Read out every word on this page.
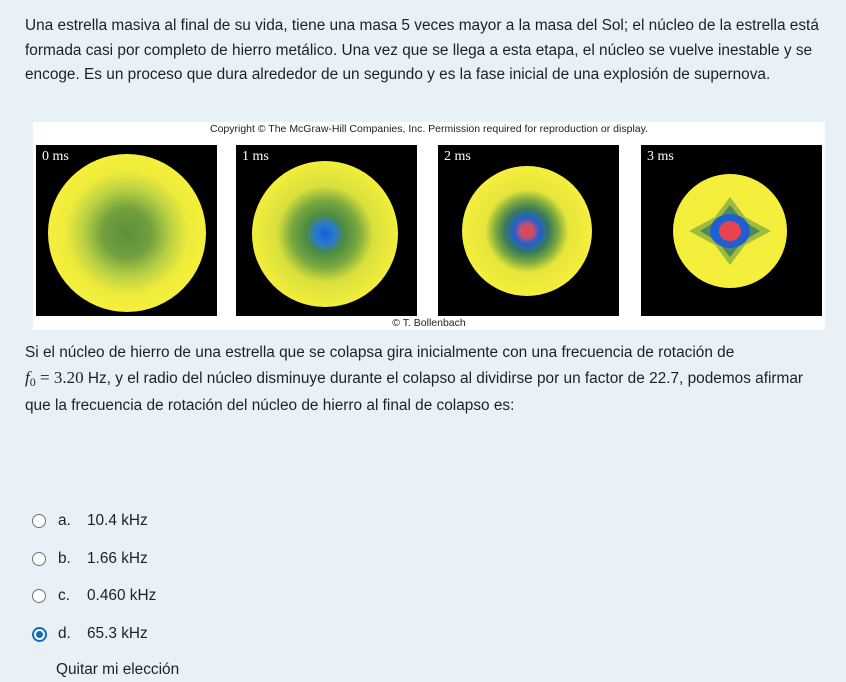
Una estrella masiva al final de su vida, tiene una masa 5 veces mayor a la masa del Sol; el núcleo de la estrella está formada casi por completo de hierro metálico. Una vez que se llega a esta etapa, el núcleo se vuelve inestable y se encoge. Es un proceso que dura alrededor de un segundo y es la fase inicial de una explosión de supernova.
Copyright © The McGraw-Hill Companies, Inc. Permission required for reproduction or display.
0 ms	1 ms	2 ms	3 ms
© T. Bollenbach
Si el núcleo de hierro de una estrella que se colapsa gira inicialmente con una frecuencia de rotación de
$f_0 = 3.20$ Hz, y el radio del núcleo disminuye durante el colapso al dividirse por un factor de 22.7, podemos afirmar que la frecuencia de rotación del núcleo de hierro al final de colapso es:
a. 10.4 kHz
b. 1.66 kHz
c. 0.460 kHz
d. 65.3 kHz
Quitar mi elección
